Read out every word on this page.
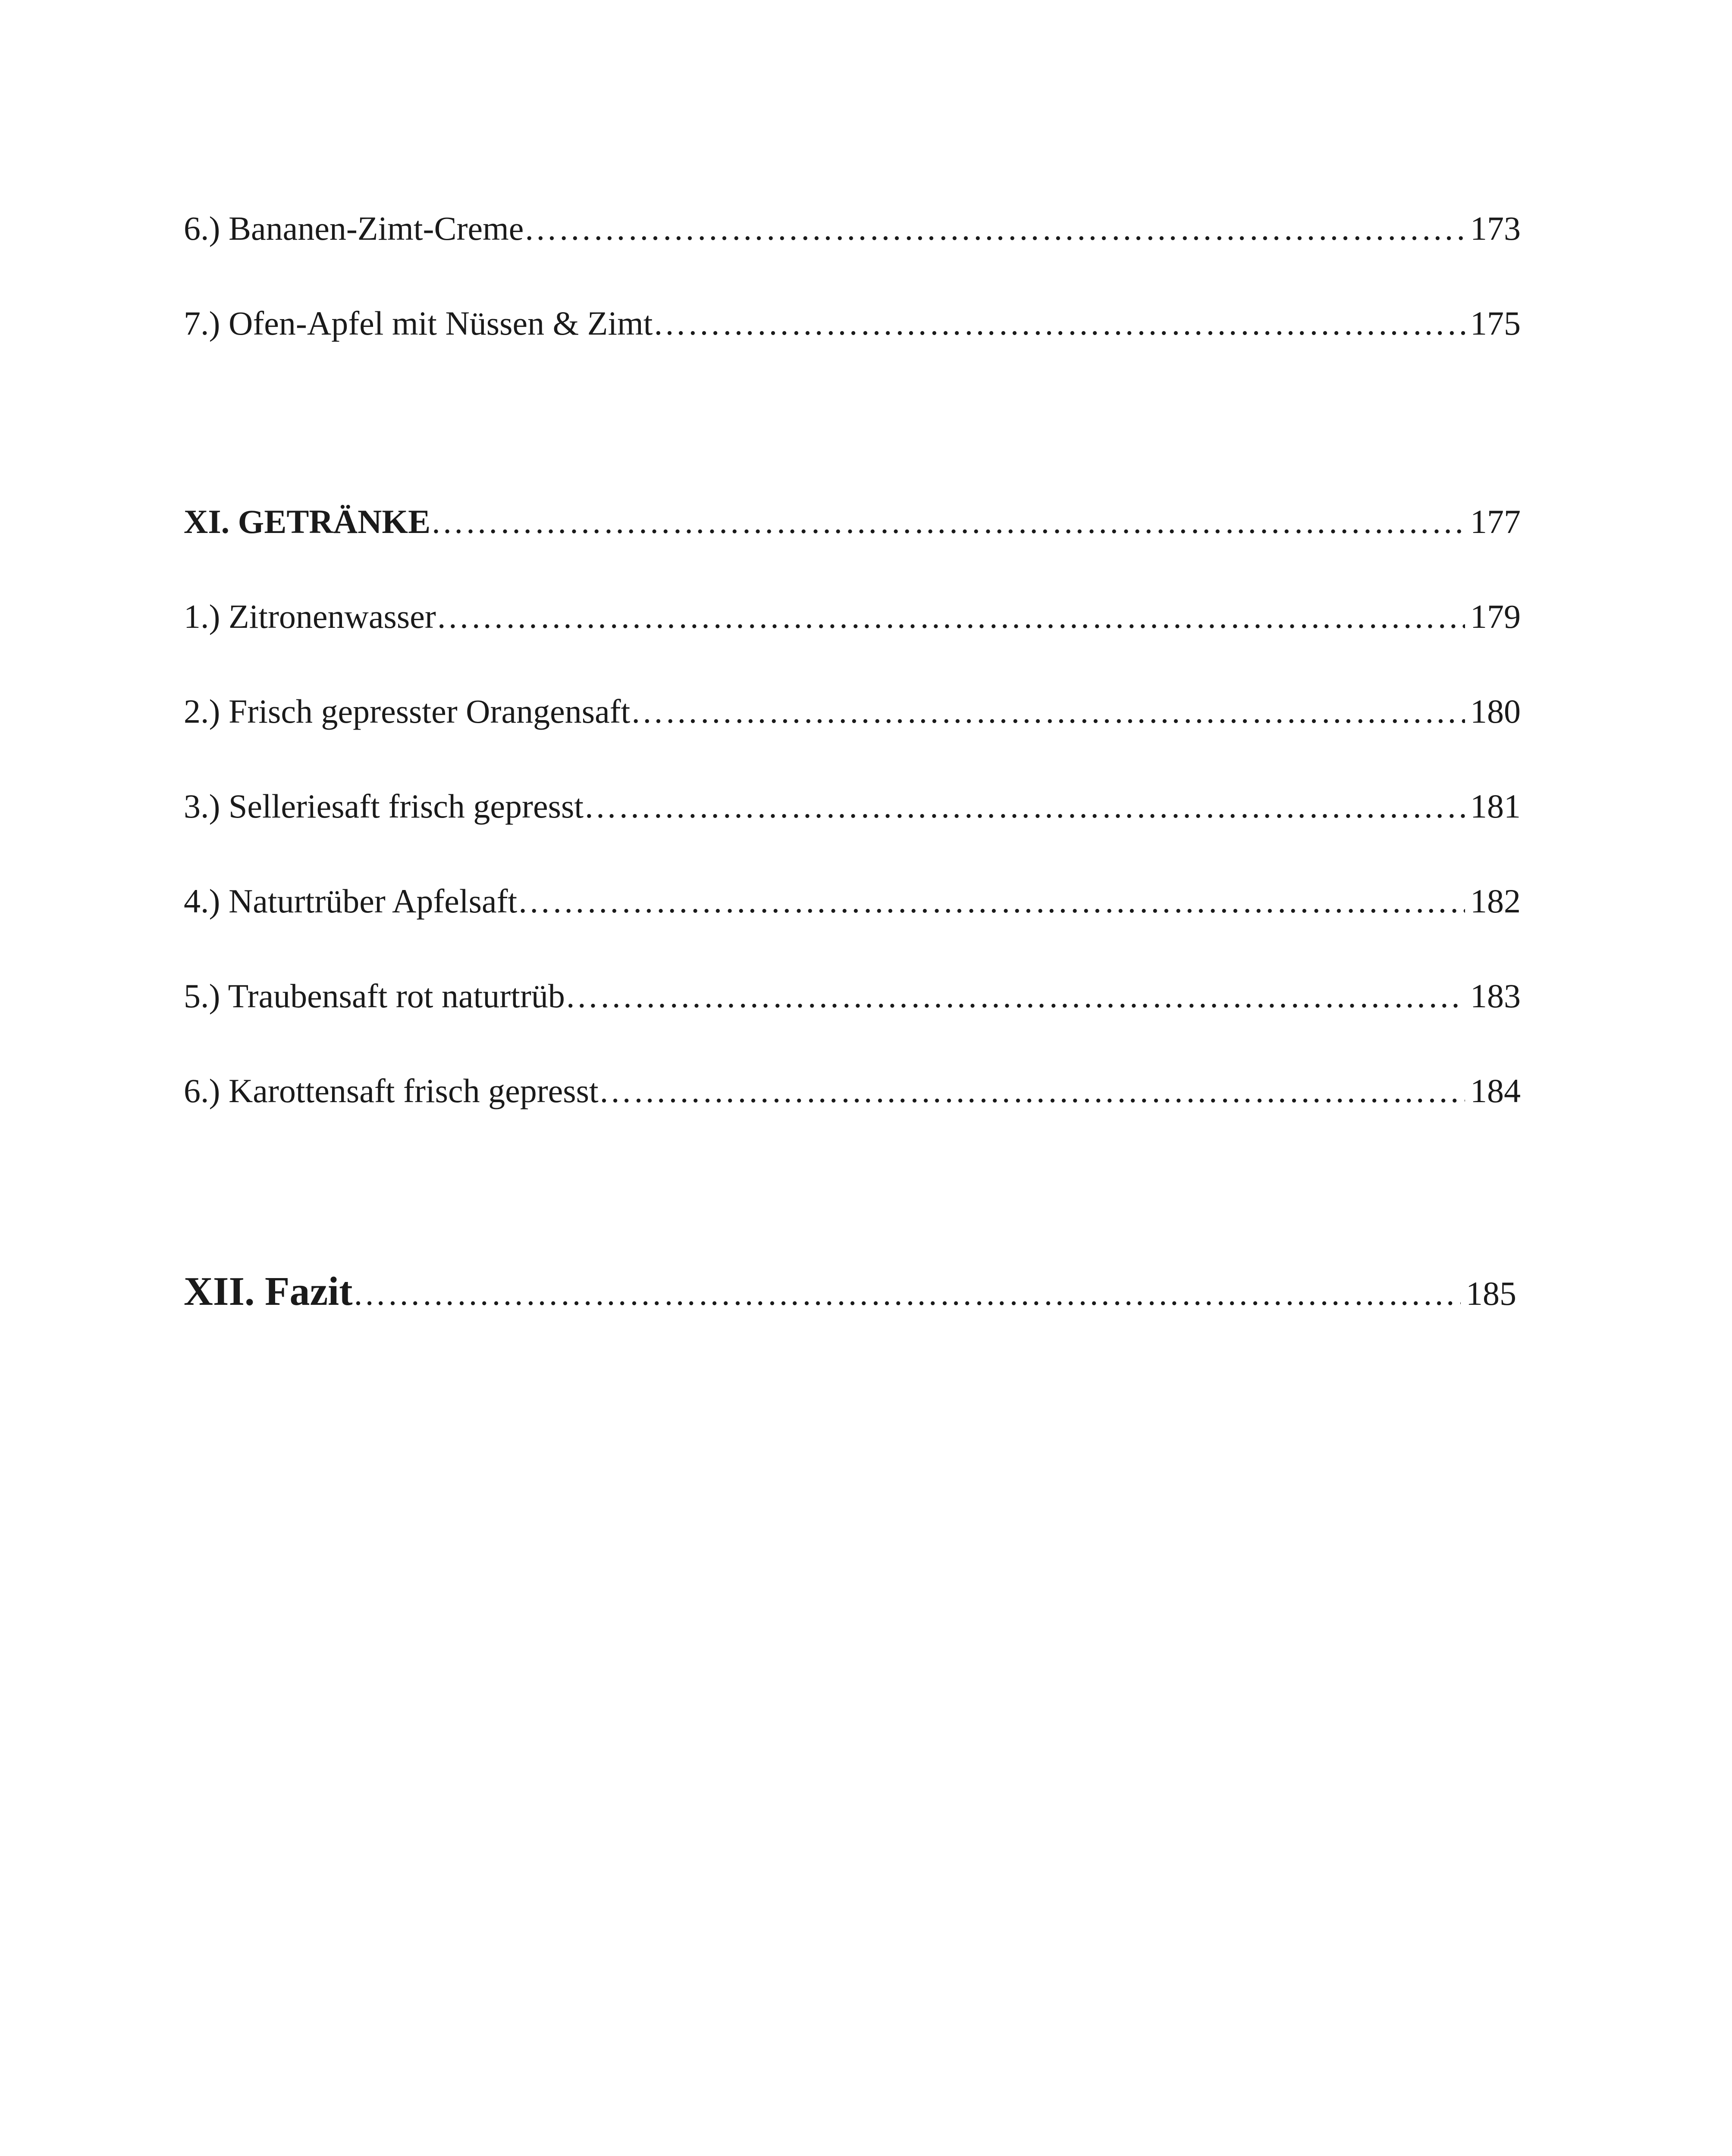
6.) Bananen-Zimt-Creme ……………………………………………………………………………………………………………………………………………………………………………………………………	173
7.) Ofen-Apfel mit Nüssen & Zimt ……………………………………………………………………………………………………………………………………………………………………………………………………	175
XI. GETRÄNKE ……………………………………………………………………………………………………………………………………………………………………………………………………	177
1.) Zitronenwasser ……………………………………………………………………………………………………………………………………………………………………………………………………	179
2.) Frisch gepresster Orangensaft ……………………………………………………………………………………………………………………………………………………………………………………………………	180
3.) Selleriesaft frisch gepresst ……………………………………………………………………………………………………………………………………………………………………………………………………	181
4.) Naturtrüber Apfelsaft ……………………………………………………………………………………………………………………………………………………………………………………………………	182
5.) Traubensaft rot naturtrüb ……………………………………………………………………………………………………………………………………………………………………………………………………	183
6.) Karottensaft frisch gepresst ……………………………………………………………………………………………………………………………………………………………………………………………………	184
XII. Fazit ……………………………………………………………………………………………………………………………………………………………………………………………………	185
